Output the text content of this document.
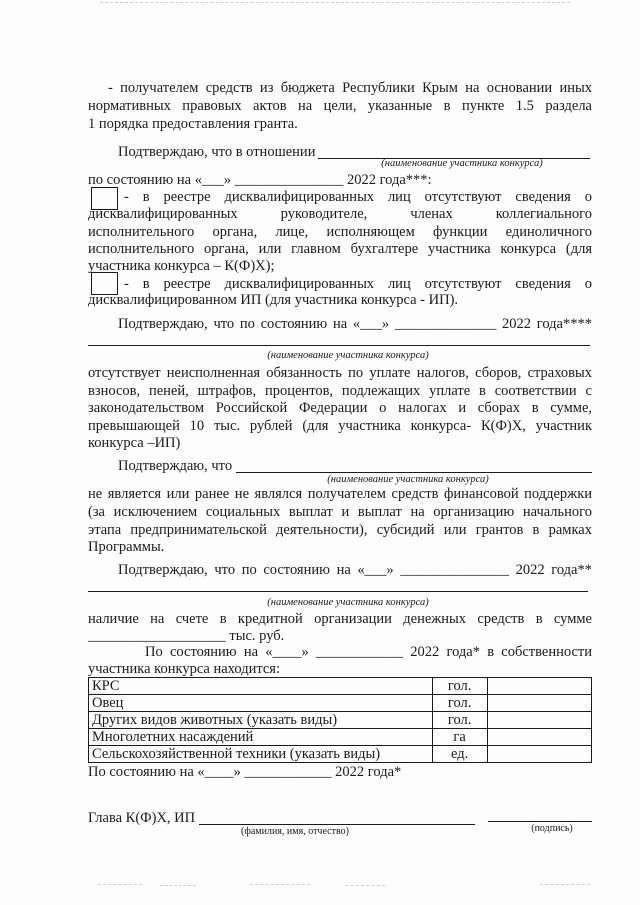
- получателем средств из бюджета Республики Крым на основании иных
нормативных правовых актов на цели, указанные в пункте 1.5 раздела
1 порядка предоставления гранта.
Подтверждаю, что в отношении
(наименование участника конкурса)
по состоянию на «___» _______________ 2022 года***:
- в реестре дисквалифицированных лиц отсутствуют сведения о
дисквалифицированных руководителе, членах коллегиального
исполнительного органа, лице, исполняющем функции единоличного
исполнительного органа, или главном бухгалтере участника конкурса (для
участника конкурса – К(Ф)Х);
- в реестре дисквалифицированных лиц отсутствуют сведения о
дисквалифицированном ИП (для участника конкурса - ИП).
Подтверждаю, что по состоянию на «___» ______________ 2022 года****
(наименование участника конкурса)
отсутствует неисполненная обязанность по уплате налогов, сборов, страховых
взносов, пеней, штрафов, процентов, подлежащих уплате в соответствии с
законодательством Российской Федерации о налогах и сборах в сумме,
превышающей 10 тыс. рублей (для участника конкурса- К(Ф)Х, участник
конкурса –ИП)
Подтверждаю, что
(наименование участника конкурса)
не является или ранее не являлся получателем средств финансовой поддержки
(за исключением социальных выплат и выплат на организацию начального
этапа предпринимательской деятельности), субсидий или грантов в рамках
Программы.
Подтверждаю, что по состоянию на «___» _______________ 2022 года**
(наименование участника конкурса)
наличие на счете в кредитной организации денежных средств в сумме
___________________ тыс. руб.
По состоянию на «____» ____________ 2022 года* в собственности
участника конкурса находится:
КРС	гол.	
Овец	гол.	
Других видов животных (указать виды)	гол.	
Многолетних насаждений	га	
Сельскохозяйственной техники (указать виды)	ед.	
По состоянию на «____» ____________ 2022 года*
Глава К(Ф)Х, ИП
(фамилия, имя, отчество)	(подпись)
